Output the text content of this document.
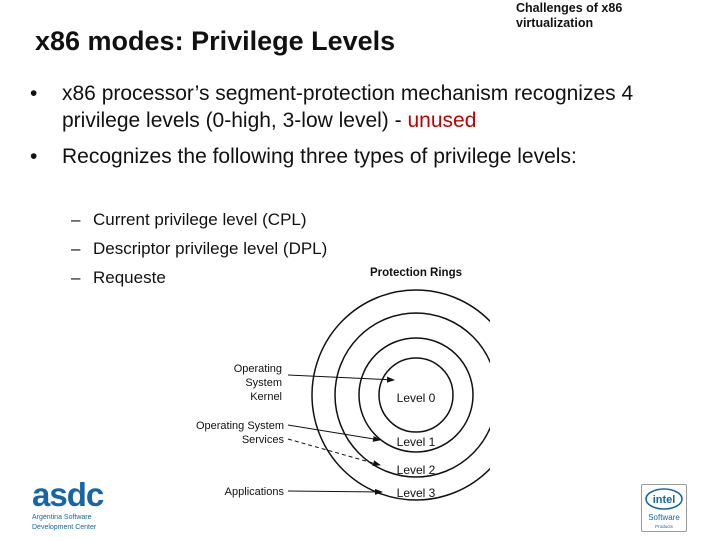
x86 modes: Privilege Levels
Challenges of x86 virtualization
• x86 processor’s segment-protection mechanism recognizes 4 privilege levels (0-high, 3-low level) - unused
• Recognizes the following three types of privilege levels:
– Current privilege level (CPL)
– Descriptor privilege level (DPL)
– Requeste	Protection Rings
Level 0
Level 1
Level 2
Level 3
Operating
System
Kernel
Operating System
Services
Applications
asdc
Argentina Software
Development Center
intel
Software
Products
